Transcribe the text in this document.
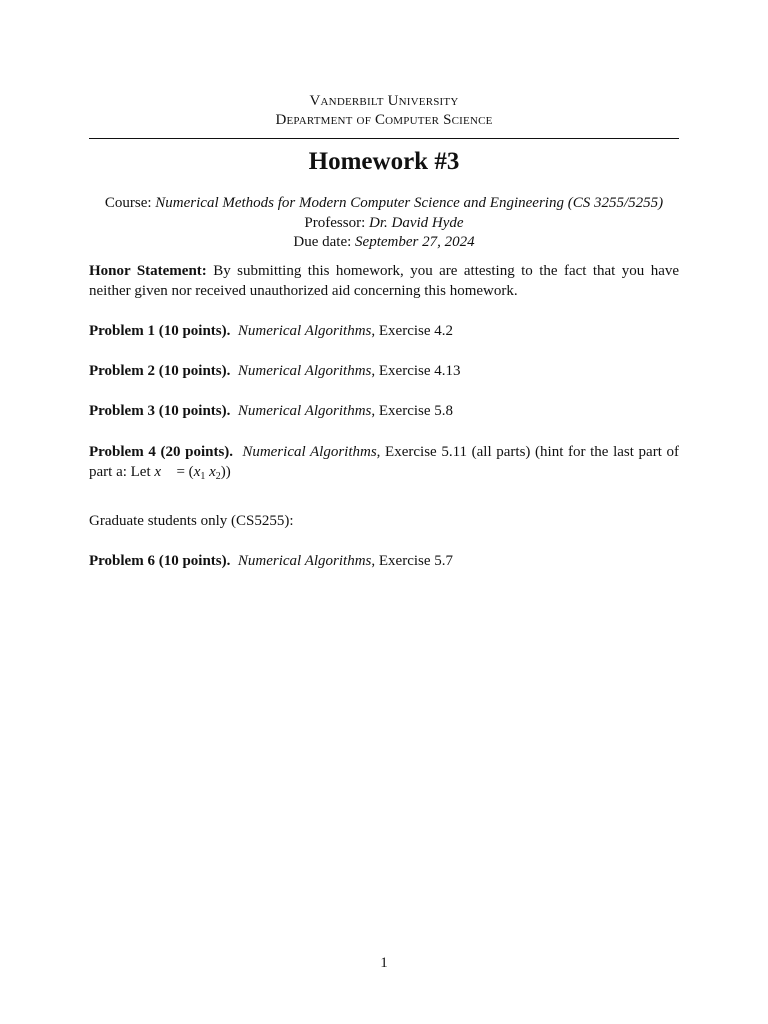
Vanderbilt University
Department of Computer Science
Homework #3
Course: Numerical Methods for Modern Computer Science and Engineering (CS 3255/5255)
Professor: Dr. David Hyde
Due date: September 27, 2024

Honor Statement: By submitting this homework, you are attesting to the fact that you have neither given nor received unauthorized aid concerning this homework.

Problem 1 (10 points). Numerical Algorithms, Exercise 4.2
Problem 2 (10 points). Numerical Algorithms, Exercise 4.13
Problem 3 (10 points). Numerical Algorithms, Exercise 5.8
Problem 4 (20 points). Numerical Algorithms, Exercise 5.11 (all parts) (hint for the last part of part a: Let x⃗ = ($x_1$ $x_2$))
Graduate students only (CS5255):
Problem 6 (10 points). Numerical Algorithms, Exercise 5.7
1
